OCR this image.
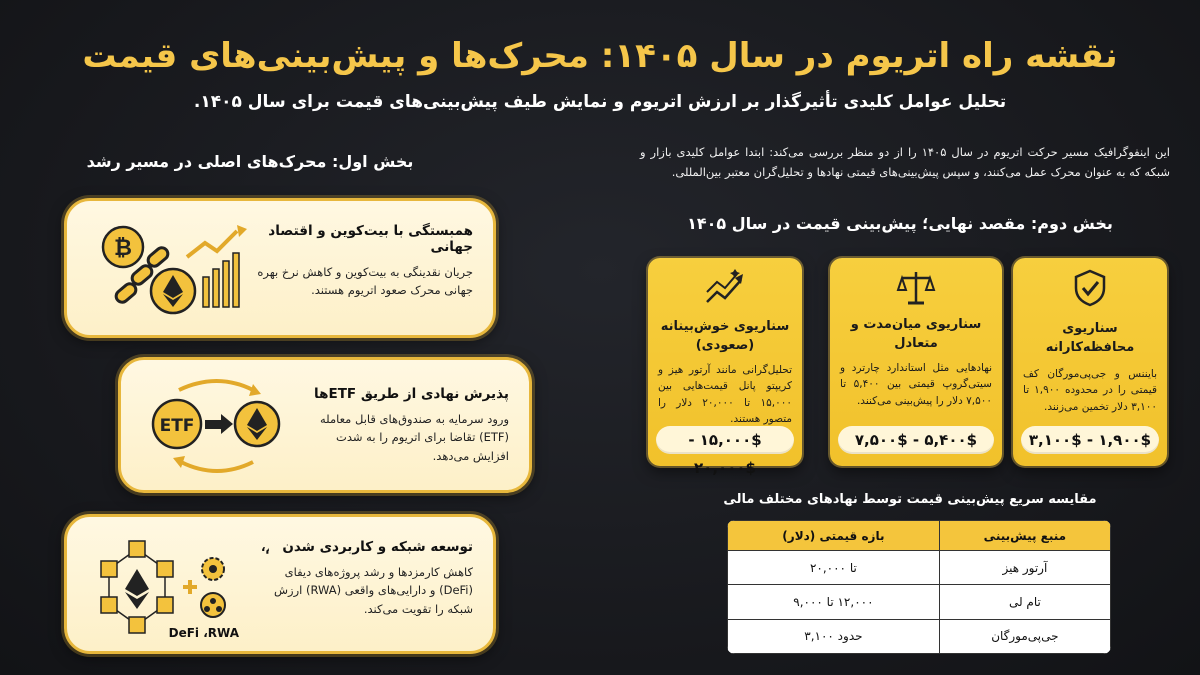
نقشه راه اتریوم در سال ۱۴۰۵: محرک‌ها و پیش‌بینی‌های قیمت
تحلیل عوامل کلیدی تأثیرگذار بر ارزش اتریوم و نمایش طیف پیش‌بینی‌های قیمت برای سال ۱۴۰۵.
این اینفوگرافیک مسیر حرکت اتریوم در سال ۱۴۰۵ را از دو منظر بررسی می‌کند: ابتدا عوامل کلیدی بازار و شبکه که به عنوان محرک عمل می‌کنند، و سپس پیش‌بینی‌های قیمتی نهادها و تحلیل‌گران معتبر بین‌المللی.
بخش اول: محرک‌های اصلی در مسیر رشد
همبستگی با بیت‌کوین و اقتصاد جهانی
جریان نقدینگی به بیت‌کوین و کاهش نرخ بهره جهانی محرک صعود اتریوم هستند.
₿
پذیرش نهادی از طریق ETFها
ورود سرمایه به صندوق‌های قابل معامله (ETF) تقاضا برای اتریوم را به شدت افزایش می‌دهد.
ETF
توسعه شبکه و کاربردی شدن
کاهش کارمزدها و رشد پروژه‌های دیفای (DeFi) و دارایی‌های واقعی (RWA) ارزش شبکه را تقویت می‌کند.
،
DeFi ،RWA
بخش دوم: مقصد نهایی؛ پیش‌بینی قیمت در سال ۱۴۰۵
سناریوی محافظه‌کارانه
بایننس و جی‌پی‌مورگان کف قیمتی را در محدوده ۱,۹۰۰ تا ۳,۱۰۰ دلار تخمین می‌زنند.
۱,۹۰۰$ - ۳,۱۰۰$
سناریوی میان‌مدت و متعادل
نهادهایی مثل استاندارد چارترد و سیتی‌گروپ قیمتی بین ۵,۴۰۰ تا ۷,۵۰۰ دلار را پیش‌بینی می‌کنند.
۵,۴۰۰$ - ۷,۵۰۰$
سناریوی خوش‌بینانه (صعودی)
تحلیل‌گرانی مانند آرتور هیز و کریپتو پانل قیمت‌هایی بین ۱۵,۰۰۰ تا ۲۰,۰۰۰ دلار را متصور هستند.
۱۵,۰۰۰$ - ۲۰,۰۰۰$
مقایسه سریع پیش‌بینی قیمت توسط نهادهای مختلف مالی
منبع پیش‌بینی	بازه قیمتی (دلار)
آرتور هیز	تا ۲۰,۰۰۰
تام لی	۱۲,۰۰۰ تا ۹,۰۰۰
جی‌پی‌مورگان	حدود ۳,۱۰۰
